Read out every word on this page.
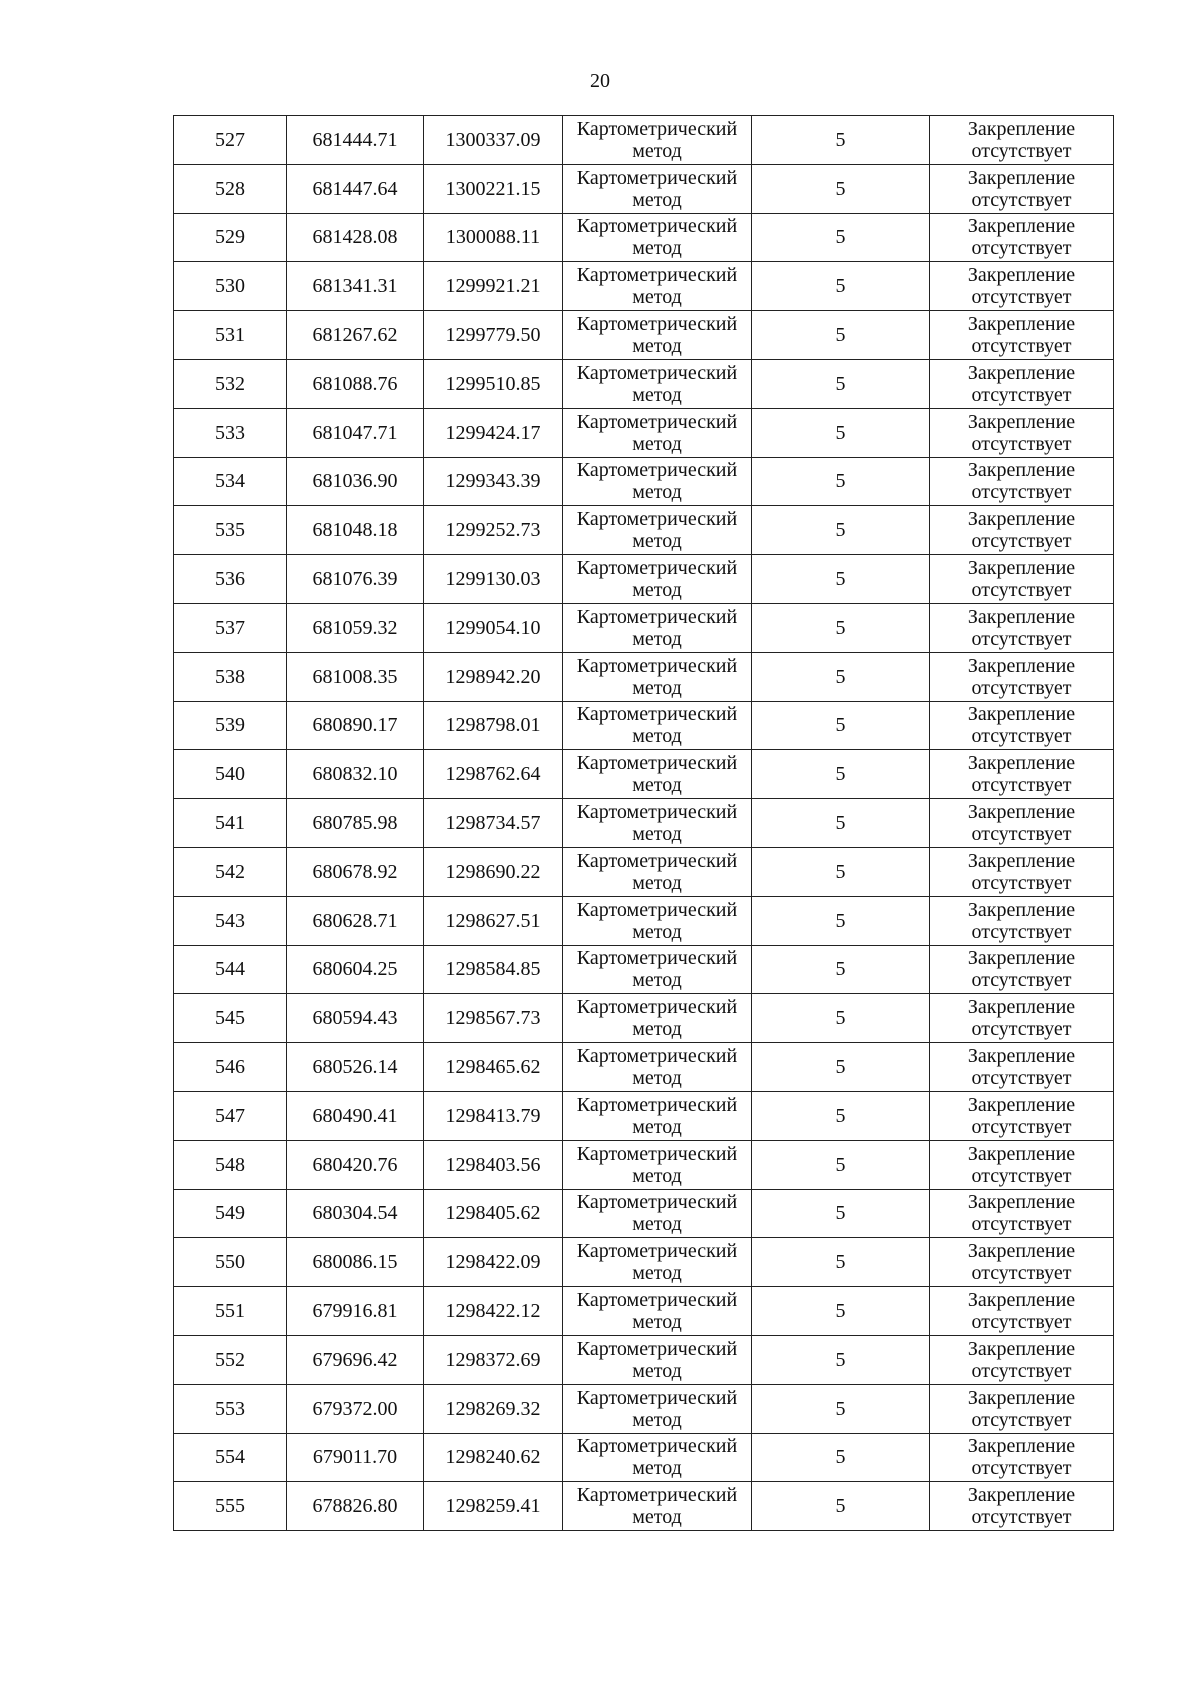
20
527	681444.71	1300337.09	Картометрический
метод	5	Закрепление
отсутствует

528	681447.64	1300221.15	Картометрический
метод	5	Закрепление
отсутствует

529	681428.08	1300088.11	Картометрический
метод	5	Закрепление
отсутствует

530	681341.31	1299921.21	Картометрический
метод	5	Закрепление
отсутствует

531	681267.62	1299779.50	Картометрический
метод	5	Закрепление
отсутствует

532	681088.76	1299510.85	Картометрический
метод	5	Закрепление
отсутствует

533	681047.71	1299424.17	Картометрический
метод	5	Закрепление
отсутствует

534	681036.90	1299343.39	Картометрический
метод	5	Закрепление
отсутствует

535	681048.18	1299252.73	Картометрический
метод	5	Закрепление
отсутствует

536	681076.39	1299130.03	Картометрический
метод	5	Закрепление
отсутствует

537	681059.32	1299054.10	Картометрический
метод	5	Закрепление
отсутствует

538	681008.35	1298942.20	Картометрический
метод	5	Закрепление
отсутствует

539	680890.17	1298798.01	Картометрический
метод	5	Закрепление
отсутствует

540	680832.10	1298762.64	Картометрический
метод	5	Закрепление
отсутствует

541	680785.98	1298734.57	Картометрический
метод	5	Закрепление
отсутствует

542	680678.92	1298690.22	Картометрический
метод	5	Закрепление
отсутствует

543	680628.71	1298627.51	Картометрический
метод	5	Закрепление
отсутствует

544	680604.25	1298584.85	Картометрический
метод	5	Закрепление
отсутствует

545	680594.43	1298567.73	Картометрический
метод	5	Закрепление
отсутствует

546	680526.14	1298465.62	Картометрический
метод	5	Закрепление
отсутствует

547	680490.41	1298413.79	Картометрический
метод	5	Закрепление
отсутствует

548	680420.76	1298403.56	Картометрический
метод	5	Закрепление
отсутствует

549	680304.54	1298405.62	Картометрический
метод	5	Закрепление
отсутствует

550	680086.15	1298422.09	Картометрический
метод	5	Закрепление
отсутствует

551	679916.81	1298422.12	Картометрический
метод	5	Закрепление
отсутствует

552	679696.42	1298372.69	Картометрический
метод	5	Закрепление
отсутствует

553	679372.00	1298269.32	Картометрический
метод	5	Закрепление
отсутствует

554	679011.70	1298240.62	Картометрический
метод	5	Закрепление
отсутствует

555	678826.80	1298259.41	Картометрический
метод	5	Закрепление
отсутствует
